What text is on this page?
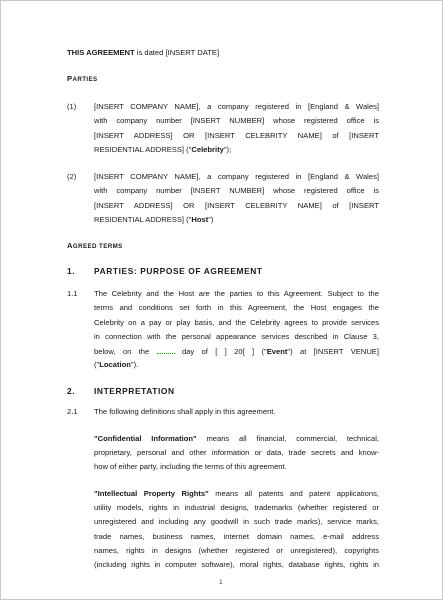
THIS AGREEMENT is dated [INSERT DATE]
PARTIES
(1) [INSERT COMPANY NAME], a company registered in [England & Wales]
with company number [INSERT NUMBER] whose registered office is
[INSERT ADDRESS] OR [INSERT CELEBRITY NAME] of [INSERT
RESIDENTIAL ADDRESS] ("Celebrity");
(2) [INSERT COMPANY NAME], a company registered in [England & Wales]
with company number [INSERT NUMBER] whose registered office is
[INSERT ADDRESS] OR [INSERT CELEBRITY NAME] of [INSERT
RESIDENTIAL ADDRESS] ("Host")
AGREED TERMS
1. PARTIES: PURPOSE OF AGREEMENT
1.1 The Celebrity and the Host are the parties to this Agreement. Subject to the
terms and conditions set forth in this Agreement, the Host engages the
Celebrity on a pay or play basis, and the Celebrity agrees to provide services
in connection with the personal appearance services described in Clause 3,
below, on the	day of [ ] 20[ ] ("Event") at [INSERT VENUE]
("Location").
2. INTERPRETATION
2.1 The following definitions shall apply in this agreement.
"Confidential Information" means all financial, commercial, technical,
proprietary, personal and other information or data, trade secrets and know-
how of either party, including the terms of this agreement.
"Intellectual Property Rights" means all patents and patent applications,
utility models, rights in industrial designs, trademarks (whether registered or
unregistered and including any goodwill in such trade marks), service marks,
trade names, business names, internet domain names, e-mail address
names, rights in designs (whether registered or unregistered), copyrights
(including rights in computer software), moral rights, database rights, rights in
1
